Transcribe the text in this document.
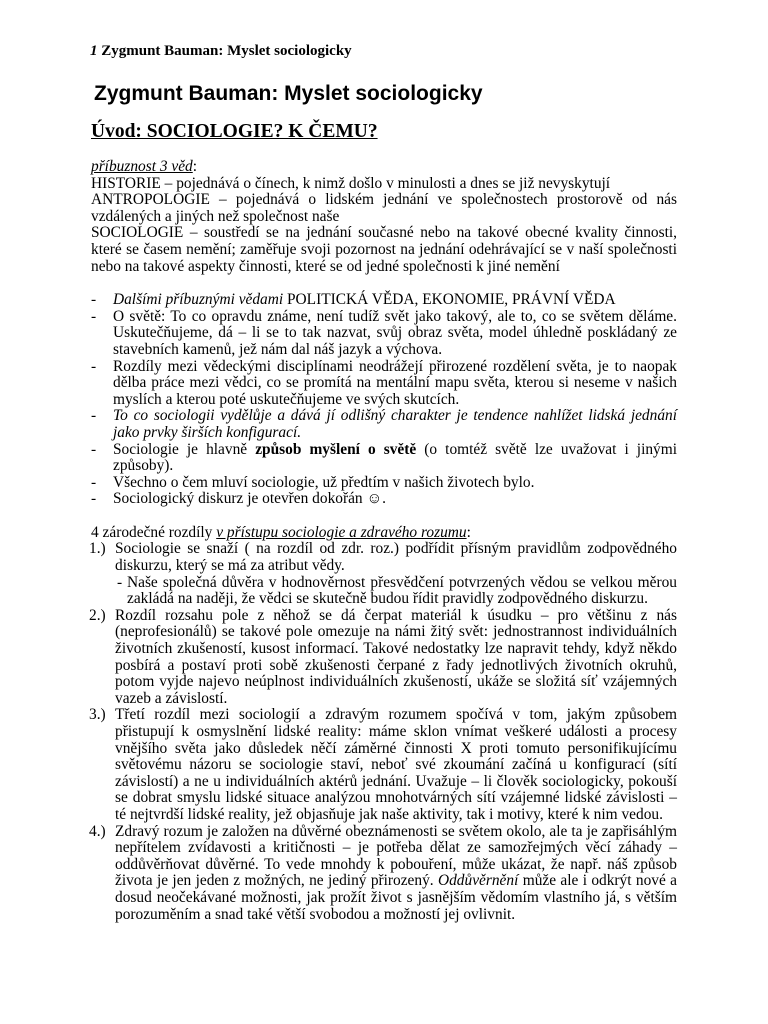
1 Zygmunt Bauman: Myslet sociologicky
Zygmunt Bauman: Myslet sociologicky
Úvod: SOCIOLOGIE? K ČEMU?

příbuznost 3 věd:

HISTORIE – pojednává o čínech, k nimž došlo v minulosti a dnes se již nevyskytují

ANTROPOLOGIE – pojednává o lidském jednání ve společnostech prostorově od nás vzdálených a jiných než společnost naše

SOCIOLOGIE – soustředí se na jednání současné nebo na takové obecné kvality činnosti, které se časem nemění; zaměřuje svoji pozornost na jednání odehrávající se v naší společnosti nebo na takové aspekty činnosti, které se od jedné společnosti k jiné nemění

- Dalšími příbuznými vědami POLITICKÁ VĚDA, EKONOMIE, PRÁVNÍ VĚDA

- O světě: To co opravdu známe, není tudíž svět jako takový, ale to, co se světem děláme. Uskutečňujeme, dá – li se to tak nazvat, svůj obraz světa, model úhledně poskládaný ze stavebních kamenů, jež nám dal náš jazyk a výchova.

- Rozdíly mezi vědeckými disciplínami neodrážejí přirozené rozdělení světa, je to naopak dělba práce mezi vědci, co se promítá na mentální mapu světa, kterou si neseme v našich myslích a kterou poté uskutečňujeme ve svých skutcích.

- To co sociologii vydělůje a dává jí odlišný charakter je tendence nahlížet lidská jednání jako prvky širších konfigurací.

- Sociologie je hlavně způsob myšlení o světě (o tomtéž světě lze uvažovat i jinými způsoby).

- Všechno o čem mluví sociologie, už předtím v našich životech bylo.

- Sociologický diskurz je otevřen dokořán ☺.

4 zárodečné rozdíly v přístupu sociologie a zdravého rozumu:

1.) Sociologie se snaží ( na rozdíl od zdr. roz.) podřídit přísným pravidlům zodpovědného diskurzu, který se má za atribut vědy.

- Naše společná důvěra v hodnověrnost přesvědčení potvrzených vědou se velkou měrou zakládá na naději, že vědci se skutečně budou řídit pravidly zodpovědného diskurzu.

2.) Rozdíl rozsahu pole z něhož se dá čerpat materiál k úsudku – pro většinu z nás (neprofesionálů) se takové pole omezuje na námi žitý svět: jednostrannost individuálních životních zkušeností, kusost informací. Takové nedostatky lze napravit tehdy, když někdo posbírá a postaví proti sobě zkušenosti čerpané z řady jednotlivých životních okruhů, potom vyjde najevo neúplnost individuálních zkušeností, ukáže se složitá síť vzájemných vazeb a závislostí.

3.) Třetí rozdíl mezi sociologií a zdravým rozumem spočívá v tom, jakým způsobem přistupují k osmyslnění lidské reality: máme sklon vnímat veškeré události a procesy vnějšího světa jako důsledek něčí záměrné činnosti X proti tomuto personifikujícímu světovému názoru se sociologie staví, neboť své zkoumání začíná u konfigurací (sítí závislostí) a ne u individuálních aktérů jednání. Uvažuje – li člověk sociologicky, pokouší se dobrat smyslu lidské situace analýzou mnohotvárných sítí vzájemné lidské závislosti – té nejtvrdší lidské reality, jež objasňuje jak naše aktivity, tak i motivy, které k nim vedou.

4.) Zdravý rozum je založen na důvěrné obeznámenosti se světem okolo, ale ta je zapřisáhlým nepřítelem zvídavosti a kritičnosti – je potřeba dělat ze samozřejmých věcí záhady – oddůvěrňovat důvěrné. To vede mnohdy k pobouření, může ukázat, že např. náš způsob života je jen jeden z možných, ne jediný přirozený. Oddůvěrnění může ale i odkrýt nové a dosud neočekávané možnosti, jak prožít život s jasnějším vědomím vlastního já, s větším porozuměním a snad také větší svobodou a možností jej ovlivnit.
